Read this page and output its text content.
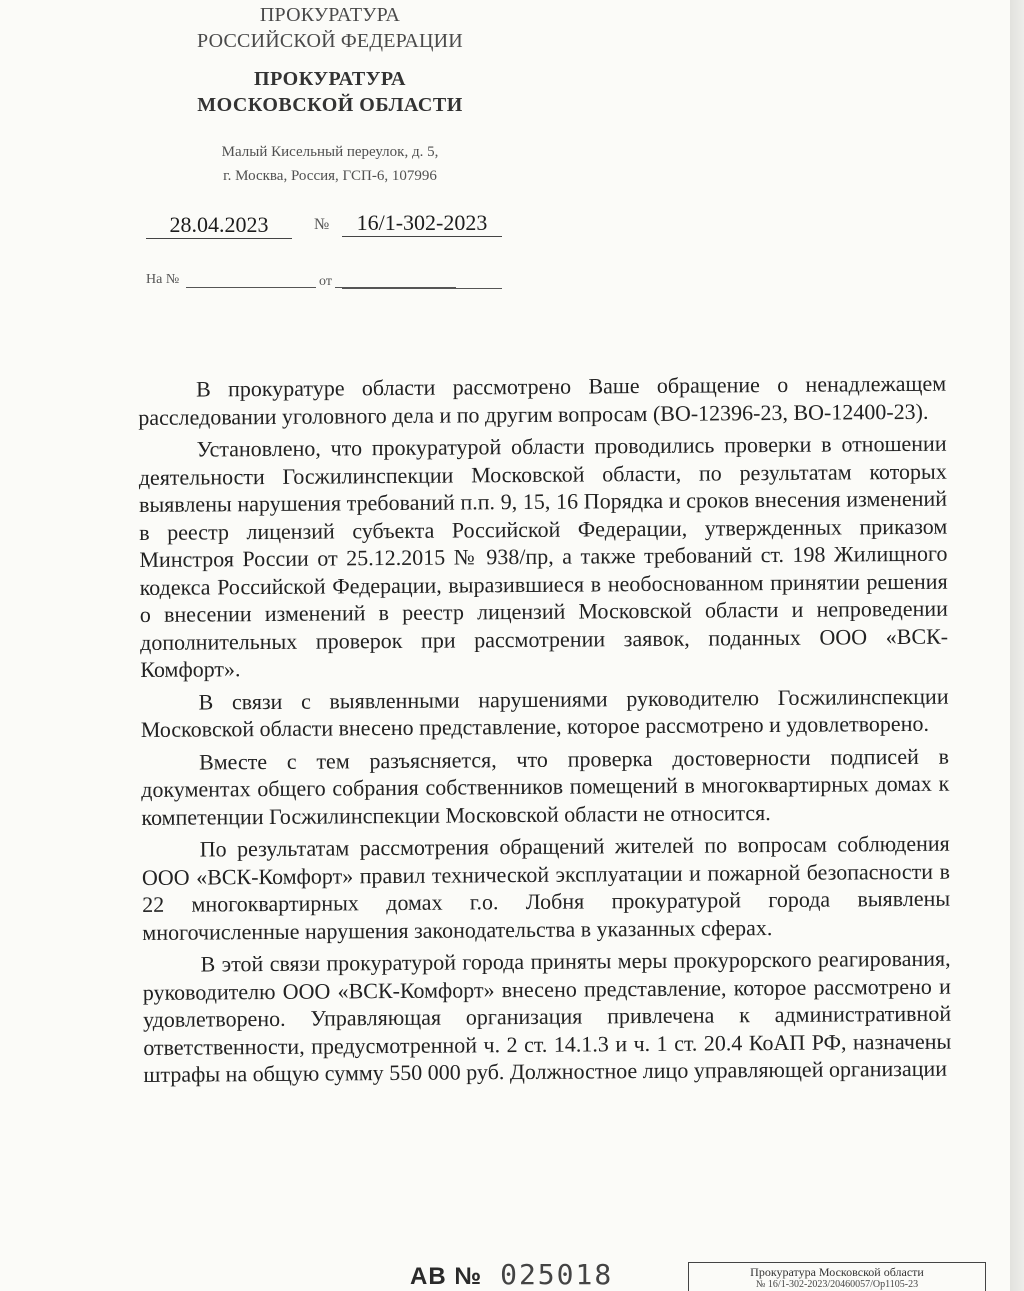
ПРОКУРАТУРА
РОССИЙСКОЙ ФЕДЕРАЦИИ
ПРОКУРАТУРА
МОСКОВСКОЙ ОБЛАСТИ
Малый Кисельный переулок, д. 5,
г. Москва, Россия, ГСП-6, 107996
28.04.2023	№	16/1-302-2023
На №	от

В прокуратуре области рассмотрено Ваше обращение о ненадлежащем расследовании уголовного дела и по другим вопросам (ВО-12396-23, ВО-12400-23).

Установлено, что прокуратурой области проводились проверки в отношении деятельности Госжилинспекции Московской области, по результатам которых выявлены нарушения требований п.п. 9, 15, 16 Порядка и сроков внесения изменений в реестр лицензий субъекта Российской Федерации, утвержденных приказом Минстроя России от 25.12.2015 № 938/пр, а также требований ст. 198 Жилищного кодекса Российской Федерации, выразившиеся в необоснованном принятии решения о внесении изменений в реестр лицензий Московской области и непроведении дополнительных проверок при рассмотрении заявок, поданных ООО «ВСК-Комфорт».

В связи с выявленными нарушениями руководителю Госжилинспекции Московской области внесено представление, которое рассмотрено и удовлетворено.

Вместе с тем разъясняется, что проверка достоверности подписей в документах общего собрания собственников помещений в многоквартирных домах к компетенции Госжилинспекции Московской области не относится.

По результатам рассмотрения обращений жителей по вопросам соблюдения ООО «ВСК-Комфорт» правил технической эксплуатации и пожарной безопасности в 22 многоквартирных домах г.о. Лобня прокуратурой города выявлены многочисленные нарушения законодательства в указанных сферах.

В этой связи прокуратурой города приняты меры прокурорского реагирования, руководителю ООО «ВСК-Комфорт» внесено представление, которое рассмотрено и удовлетворено. Управляющая организация привлечена к административной ответственности, предусмотренной ч. 2 ст. 14.1.3 и ч. 1 ст. 20.4 КоАП РФ, назначены штрафы на общую сумму 550 000 руб. Должностное лицо управляющей организации

АВ № 025018	Прокуратура Московской области
№ 16/1-302-2023/20460057/Ор1105-23
